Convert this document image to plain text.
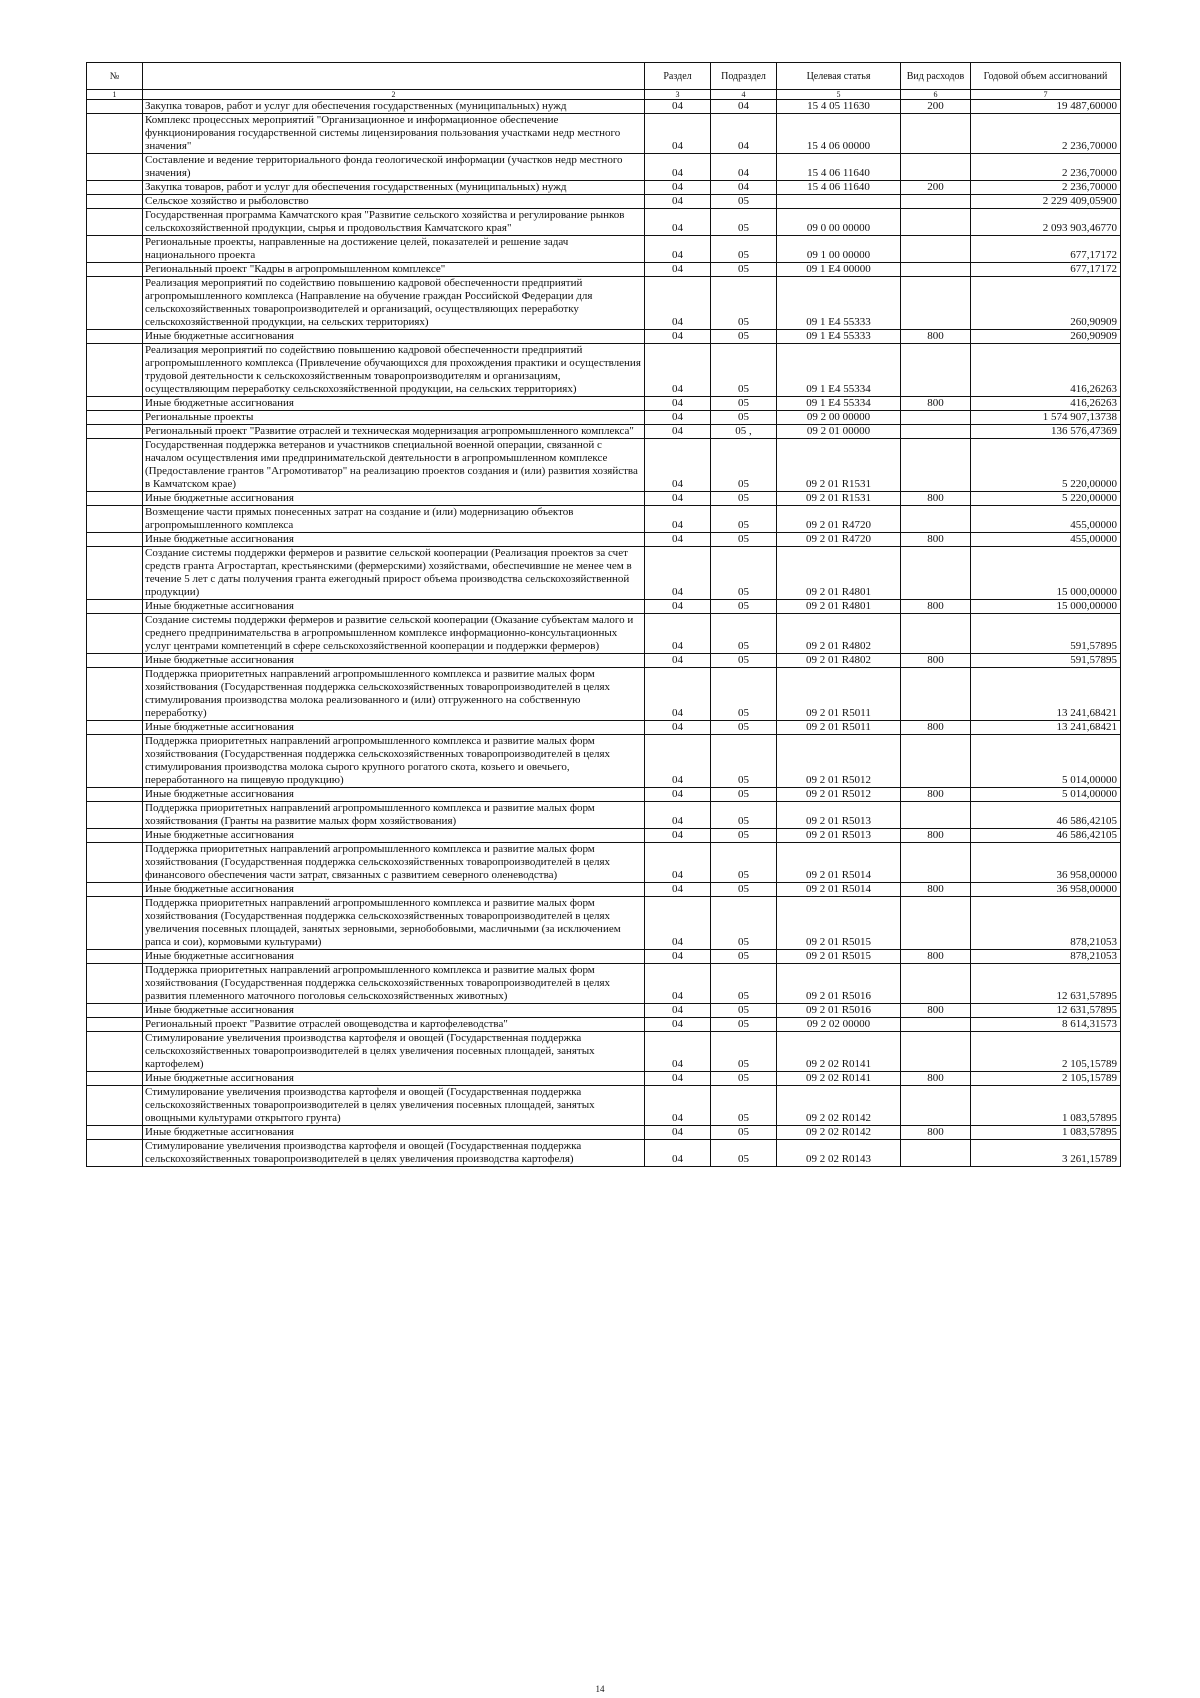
№		Раздел	Подраздел	Целевая статья	Вид расходов	Годовой объем ассигнований
1	2	3	4	5	6	7
	Закупка товаров, работ и услуг для обеспечения государственных (муниципальных) нужд	04	04	15 4 05 11630	200	19 487,60000
	Комплекс процессных мероприятий "Организационное и информационное обеспечение функционирования государственной системы лицензирования пользования участками недр местного значения"	04	04	15 4 06 00000		2 236,70000
	Составление и ведение территориального фонда геологической информации (участков недр местного значения)	04	04	15 4 06 11640		2 236,70000
	Закупка товаров, работ и услуг для обеспечения государственных (муниципальных) нужд	04	04	15 4 06 11640	200	2 236,70000
	Сельское хозяйство и рыболовство	04	05			2 229 409,05900
	Государственная программа Камчатского края "Развитие сельского хозяйства и регулирование рынков сельскохозяйственной продукции, сырья и продовольствия Камчатского края"	04	05	09 0 00 00000		2 093 903,46770
	Региональные проекты, направленные на достижение целей, показателей и решение задач национального проекта	04	05	09 1 00 00000		677,17172
	Региональный проект "Кадры в агропромышленном комплексе"	04	05	09 1 E4 00000		677,17172
	Реализация мероприятий по содействию повышению кадровой обеспеченности предприятий агропромышленного комплекса (Направление на обучение граждан Российской Федерации для сельскохозяйственных товаропроизводителей и организаций, осуществляющих переработку сельскохозяйственной продукции, на сельских территориях)	04	05	09 1 E4 55333		260,90909
	Иные бюджетные ассигнования	04	05	09 1 E4 55333	800	260,90909
	Реализация мероприятий по содействию повышению кадровой обеспеченности предприятий агропромышленного комплекса (Привлечение обучающихся для прохождения практики и осуществления трудовой деятельности к сельскохозяйственным товаропроизводителям и организациям, осуществляющим переработку сельскохозяйственной продукции, на сельских территориях)	04	05	09 1 E4 55334		416,26263
	Иные бюджетные ассигнования	04	05	09 1 E4 55334	800	416,26263
	Региональные проекты	04	05	09 2 00 00000		1 574 907,13738
	Региональный проект "Развитие отраслей и техническая модернизация агропромышленного комплекса"	04	05 ,	09 2 01 00000		136 576,47369
	Государственная поддержка ветеранов и участников специальной военной операции, связанной с началом осуществления ими предпринимательской деятельности в агропромышленном комплексе (Предоставление грантов "Агромотиватор" на реализацию проектов создания и (или) развития хозяйства в Камчатском крае)	04	05	09 2 01 R1531		5 220,00000
	Иные бюджетные ассигнования	04	05	09 2 01 R1531	800	5 220,00000
	Возмещение части прямых понесенных затрат на создание и (или) модернизацию объектов агропромышленного комплекса	04	05	09 2 01 R4720		455,00000
	Иные бюджетные ассигнования	04	05	09 2 01 R4720	800	455,00000
	Создание системы поддержки фермеров и развитие сельской кооперации (Реализация проектов за счет средств гранта Агростартап, крестьянскими (фермерскими) хозяйствами, обеспечившие не менее чем в течение 5 лет с даты получения гранта ежегодный прирост объема производства сельскохозяйственной продукции)	04	05	09 2 01 R4801		15 000,00000
	Иные бюджетные ассигнования	04	05	09 2 01 R4801	800	15 000,00000
	Создание системы поддержки фермеров и развитие сельской кооперации (Оказание субъектам малого и среднего предпринимательства в агропромышленном комплексе информационно-консультационных услуг центрами компетенций в сфере сельскохозяйственной кооперации и поддержки фермеров)	04	05	09 2 01 R4802		591,57895
	Иные бюджетные ассигнования	04	05	09 2 01 R4802	800	591,57895
	Поддержка приоритетных направлений агропромышленного комплекса и развитие малых форм хозяйствования (Государственная поддержка сельскохозяйственных товаропроизводителей в целях стимулирования производства молока реализованного и (или) отгруженного на собственную переработку)	04	05	09 2 01 R5011		13 241,68421
	Иные бюджетные ассигнования	04	05	09 2 01 R5011	800	13 241,68421
	Поддержка приоритетных направлений агропромышленного комплекса и развитие малых форм хозяйствования (Государственная поддержка сельскохозяйственных товаропроизводителей в целях стимулирования производства молока сырого крупного рогатого скота, козьего и овечьего, переработанного на пищевую продукцию)	04	05	09 2 01 R5012		5 014,00000
	Иные бюджетные ассигнования	04	05	09 2 01 R5012	800	5 014,00000
	Поддержка приоритетных направлений агропромышленного комплекса и развитие малых форм хозяйствования (Гранты на развитие малых форм хозяйствования)	04	05	09 2 01 R5013		46 586,42105
	Иные бюджетные ассигнования	04	05	09 2 01 R5013	800	46 586,42105
	Поддержка приоритетных направлений агропромышленного комплекса и развитие малых форм хозяйствования (Государственная поддержка сельскохозяйственных товаропроизводителей в целях финансового обеспечения части затрат, связанных с развитием северного оленеводства)	04	05	09 2 01 R5014		36 958,00000
	Иные бюджетные ассигнования	04	05	09 2 01 R5014	800	36 958,00000
	Поддержка приоритетных направлений агропромышленного комплекса и развитие малых форм хозяйствования (Государственная поддержка сельскохозяйственных товаропроизводителей в целях увеличения посевных площадей, занятых зерновыми, зернобобовыми, масличными (за исключением рапса и сои), кормовыми культурами)	04	05	09 2 01 R5015		878,21053
	Иные бюджетные ассигнования	04	05	09 2 01 R5015	800	878,21053
	Поддержка приоритетных направлений агропромышленного комплекса и развитие малых форм хозяйствования (Государственная поддержка сельскохозяйственных товаропроизводителей в целях развития племенного маточного поголовья сельскохозяйственных животных)	04	05	09 2 01 R5016		12 631,57895
	Иные бюджетные ассигнования	04	05	09 2 01 R5016	800	12 631,57895
	Региональный проект "Развитие отраслей овощеводства и картофелеводства"	04	05	09 2 02 00000		8 614,31573
	Стимулирование увеличения производства картофеля и овощей (Государственная поддержка сельскохозяйственных товаропроизводителей в целях увеличения посевных площадей, занятых картофелем)	04	05	09 2 02 R0141		2 105,15789
	Иные бюджетные ассигнования	04	05	09 2 02 R0141	800	2 105,15789
	Стимулирование увеличения производства картофеля и овощей (Государственная поддержка сельскохозяйственных товаропроизводителей в целях увеличения посевных площадей, занятых овощными культурами открытого грунта)	04	05	09 2 02 R0142		1 083,57895
	Иные бюджетные ассигнования	04	05	09 2 02 R0142	800	1 083,57895
	Стимулирование увеличения производства картофеля и овощей (Государственная поддержка сельскохозяйственных товаропроизводителей в целях увеличения производства картофеля)	04	05	09 2 02 R0143		3 261,15789
14
